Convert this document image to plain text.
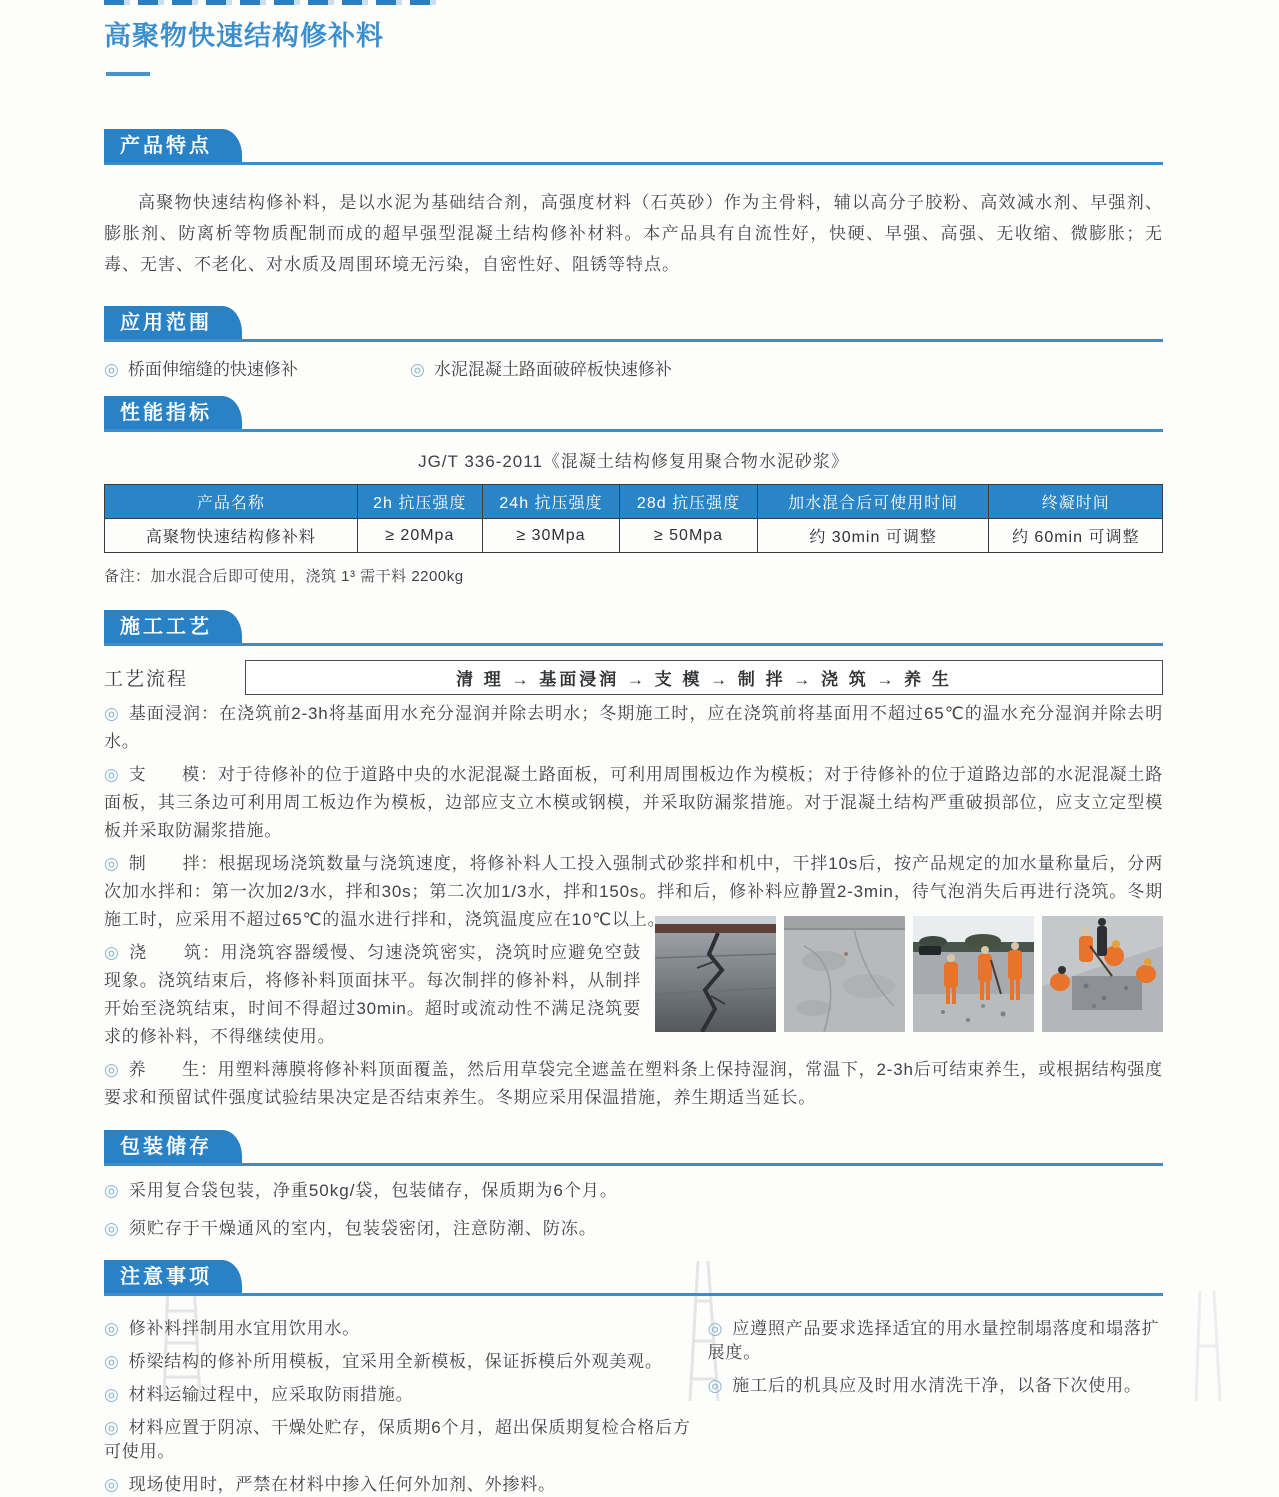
高聚物快速结构修补料
产品特点

高聚物快速结构修补料，是以水泥为基础结合剂，高强度材料（石英砂）作为主骨料，辅以高分子胶粉、高效减水剂、早强剂、膨胀剂、防离析等物质配制而成的超早强型混凝土结构修补材料。本产品具有自流性好，快硬、早强、高强、无收缩、微膨胀；无毒、无害、不老化、对水质及周围环境无污染，自密性好、阻锈等特点。

应用范围
◎ 桥面伸缩缝的快速修补	◎ 水泥混凝土路面破碎板快速修补
性能指标
JG/T 336-2011《混凝土结构修复用聚合物水泥砂浆》
产品名称	2h 抗压强度	24h 抗压强度	28d 抗压强度	加水混合后可使用时间	终凝时间
高聚物快速结构修补料	≥ 20Mpa	≥ 30Mpa	≥ 50Mpa	约 30min 可调整	约 60min 可调整
备注：加水混合后即可使用，浇筑 1³ 需干料 2200kg
施工工艺
工艺流程	清 理 → 基面浸润 → 支 模 → 制 拌 → 浇 筑 → 养 生

◎ 基面浸润：在浇筑前2-3h将基面用水充分湿润并除去明水；冬期施工时，应在浇筑前将基面用不超过65℃的温水充分湿润并除去明水。

◎ 支　　模：对于待修补的位于道路中央的水泥混凝土路面板，可利用周围板边作为模板；对于待修补的位于道路边部的水泥混凝土路面板，其三条边可利用周工板边作为模板，边部应支立木模或钢模，并采取防漏浆措施。对于混凝土结构严重破损部位，应支立定型模板并采取防漏浆措施。

◎ 制　　拌：根据现场浇筑数量与浇筑速度，将修补料人工投入强制式砂浆拌和机中，干拌10s后，按产品规定的加水量称量后，分两次加水拌和：第一次加2/3水，拌和30s；第二次加1/3水，拌和150s。拌和后，修补料应静置2-3min，待气泡消失后再进行浇筑。冬期施工时，应采用不超过65℃的温水进行拌和，浇筑温度应在10℃以上。

◎ 浇　　筑：用浇筑容器缓慢、匀速浇筑密实，浇筑时应避免空鼓现象。浇筑结束后，将修补料顶面抹平。每次制拌的修补料，从制拌开始至浇筑结束，时间不得超过30min。超时或流动性不满足浇筑要求的修补料，不得继续使用。

◎ 养　　生：用塑料薄膜将修补料顶面覆盖，然后用草袋完全遮盖在塑料条上保持湿润，常温下，2-3h后可结束养生，或根据结构强度要求和预留试件强度试验结果决定是否结束养生。冬期应采用保温措施，养生期适当延长。

包装储存
◎ 采用复合袋包装，净重50kg/袋，包装储存，保质期为6个月。
◎ 须贮存于干燥通风的室内，包装袋密闭，注意防潮、防冻。
注意事项
◎ 修补料拌制用水宜用饮用水。
◎ 桥梁结构的修补所用模板，宜采用全新模板，保证拆模后外观美观。
◎ 材料运输过程中，应采取防雨措施。
◎ 材料应置于阴凉、干燥处贮存，保质期6个月，超出保质期复检合格后方可使用。
◎ 现场使用时，严禁在材料中掺入任何外加剂、外掺料。
◎ 应遵照产品要求选择适宜的用水量控制塌落度和塌落扩展度。
◎ 施工后的机具应及时用水清洗干净，以备下次使用。
